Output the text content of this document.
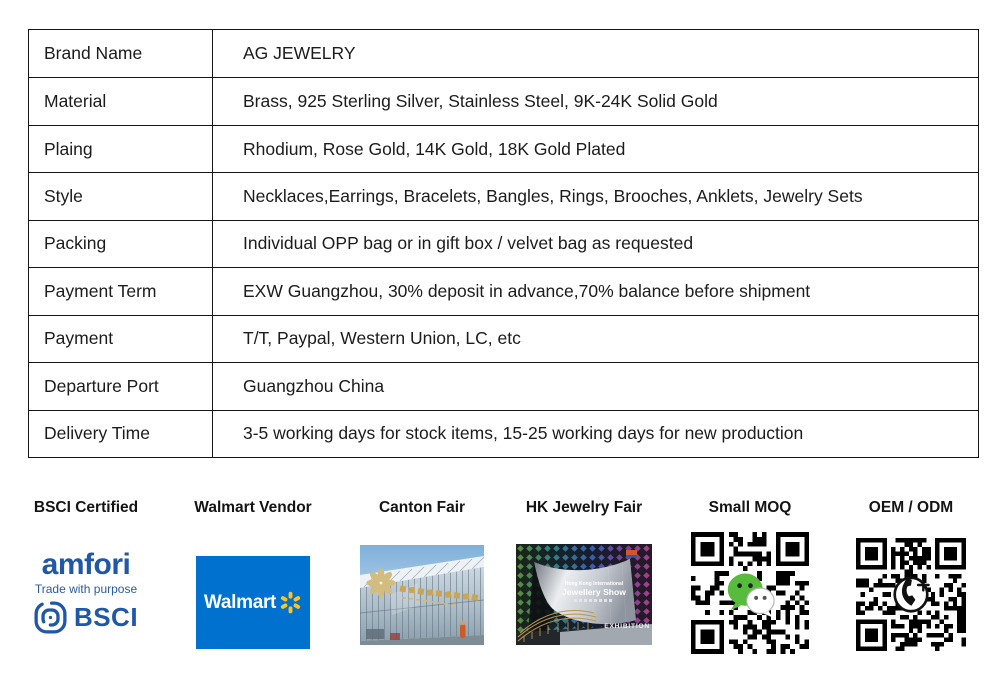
Brand Name	AG JEWELRY
Material	Brass, 925 Sterling Silver, Stainless Steel, 9K-24K Solid Gold
Plaing	Rhodium, Rose Gold, 14K Gold, 18K Gold Plated
Style	Necklaces,Earrings, Bracelets, Bangles, Rings, Brooches, Anklets, Jewelry Sets
Packing	Individual OPP bag or in gift box / velvet bag as requested
Payment Term	EXW Guangzhou, 30% deposit in advance,70% balance before shipment
Payment	T/T, Paypal, Western Union, LC, etc
Departure Port	Guangzhou China
Delivery Time	3-5 working days for stock items, 15-25 working days for new production
BSCI Certified
amfori
Trade with purpose
BSCI
Walmart Vendor
Walmart
Canton Fair	HK Jewelry Fair
Hong Kong International
Jewellery Show
EXHIBITION
Small MOQ	OEM / ODM
